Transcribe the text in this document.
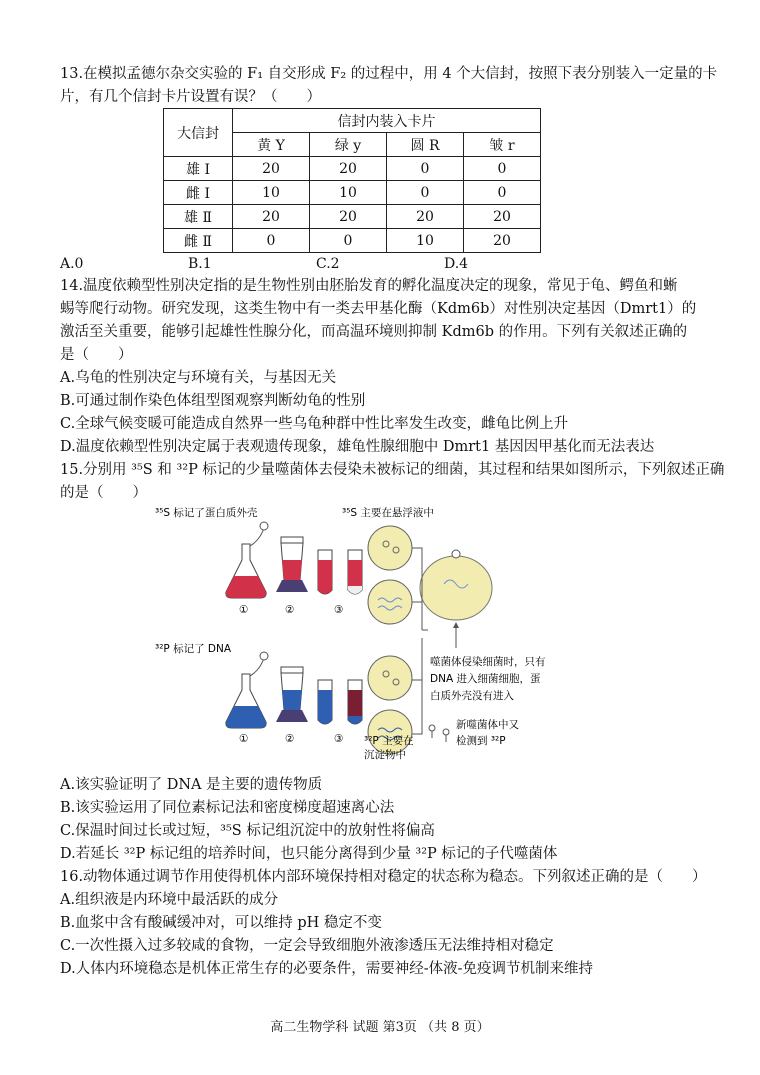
13.在模拟孟德尔杂交实验的 F₁ 自交形成 F₂ 的过程中，用 4 个大信封，按照下表分别装入一定量的卡
片，有几个信封卡片设置有误？（　　）
大信封	信封内装入卡片			
	黄 Y	绿 y	圆 R	皱 r
雄 Ⅰ	20	20	0	0
雌 Ⅰ	10	10	0	0
雄 Ⅱ	20	20	20	20
雌 Ⅱ	0	0	10	20
A.0	B.1	C.2	D.4
14.温度依赖型性别决定指的是生物性别由胚胎发育的孵化温度决定的现象，常见于龟、鳄鱼和蜥
蜴等爬行动物。研究发现，这类生物中有一类去甲基化酶（Kdm6b）对性别决定基因（Dmrt1）的
激活至关重要，能够引起雄性性腺分化，而高温环境则抑制 Kdm6b 的作用。下列有关叙述正确的
是（　　）
A.乌龟的性别决定与环境有关，与基因无关
B.可通过制作染色体组型图观察判断幼龟的性别
C.全球气候变暖可能造成自然界一些乌龟种群中性比率发生改变，雌龟比例上升
D.温度依赖型性别决定属于表观遗传现象，雄龟性腺细胞中 Dmrt1 基因因甲基化而无法表达
15.分别用 ³⁵S 和 ³²P 标记的少量噬菌体去侵染未被标记的细菌，其过程和结果如图所示，下列叙述正确
的是（　　）
³⁵S 标记了蛋白质外壳	³⁵S 主要在悬浮液中
①	②	③
噬菌体侵染细菌时，只有
DNA 进入细菌细胞，蛋
白质外壳没有进入
³²P 标记了 DNA
①	②	③ ³²P 主要在
沉淀物中
新噬菌体中又
检测到 ³²P
A.该实验证明了 DNA 是主要的遗传物质
B.该实验运用了同位素标记法和密度梯度超速离心法
C.保温时间过长或过短，³⁵S 标记组沉淀中的放射性将偏高
D.若延长 ³²P 标记组的培养时间，也只能分离得到少量 ³²P 标记的子代噬菌体
16.动物体通过调节作用使得机体内部环境保持相对稳定的状态称为稳态。下列叙述正确的是（　　）
A.组织液是内环境中最活跃的成分
B.血浆中含有酸碱缓冲对，可以维持 pH 稳定不变
C.一次性摄入过多较咸的食物，一定会导致细胞外液渗透压无法维持相对稳定
D.人体内环境稳态是机体正常生存的必要条件，需要神经-体液-免疫调节机制来维持
高二生物学科 试题 第3页 （共 8 页）
